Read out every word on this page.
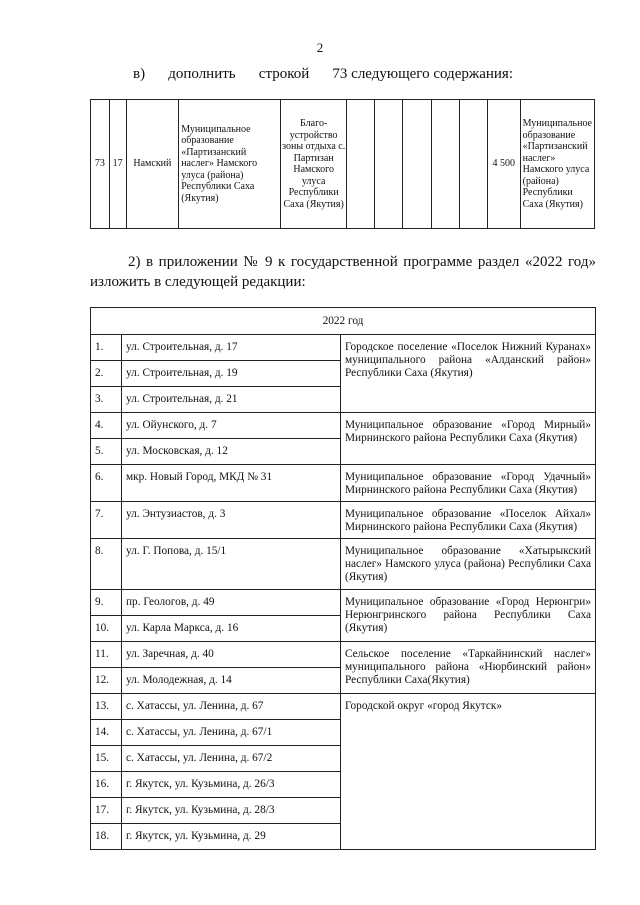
2
в) дополнить строкой 73 следующего содержания:
73	17	Намский	Муниципальное образование «Партизанский наслег» Намского улуса (района) Республики Саха (Якутия)	Благо-устройство зоны отдыха с. Партизан Намского улуса Республики Саха (Якутия)						4 500	Муниципальное образование «Партизанский наслег» Намского улуса (района) Республики Саха (Якутия)
2) в приложении № 9 к государственной программе раздел «2022 год» изложить в следующей редакции:
2022 год		
1.	ул. Строительная, д. 17	Городское поселение «Поселок Нижний Куранах» муниципального района «Алданский район» Республики Саха (Якутия)
2.	ул. Строительная, д. 19	
3.	ул. Строительная, д. 21	
4.	ул. Ойунского, д. 7	Муниципальное образование «Город Мирный» Мирнинского района Республики Саха (Якутия)
5.	ул. Московская, д. 12	
6.	мкр. Новый Город, МКД № 31	Муниципальное образование «Город Удачный» Мирнинского района Республики Саха (Якутия)
7.	ул. Энтузиастов, д. 3	Муниципальное образование «Поселок Айхал» Мирнинского района Республики Саха (Якутия)
8.	ул. Г. Попова, д. 15/1	Муниципальное образование «Хатырыкский наслег» Намского улуса (района) Республики Саха (Якутия)
9.	пр. Геологов, д. 49	Муниципальное образование «Город Нерюнгри» Нерюнгринского района Республики Саха (Якутия)
10.	ул. Карла Маркса, д. 16	
11.	ул. Заречная, д. 40	Сельское поселение «Таркайнинский наслег» муниципального района «Нюрбинский район» Республики Саха(Якутия)
12.	ул. Молодежная, д. 14	
13.	с. Хатассы, ул. Ленина, д. 67	Городской округ «город Якутск»
14.	с. Хатассы, ул. Ленина, д. 67/1	
15.	с. Хатассы, ул. Ленина, д. 67/2	
16.	г. Якутск, ул. Кузьмина, д. 26/3	
17.	г. Якутск, ул. Кузьмина, д. 28/3	
18.	г. Якутск, ул. Кузьмина, д. 29	
